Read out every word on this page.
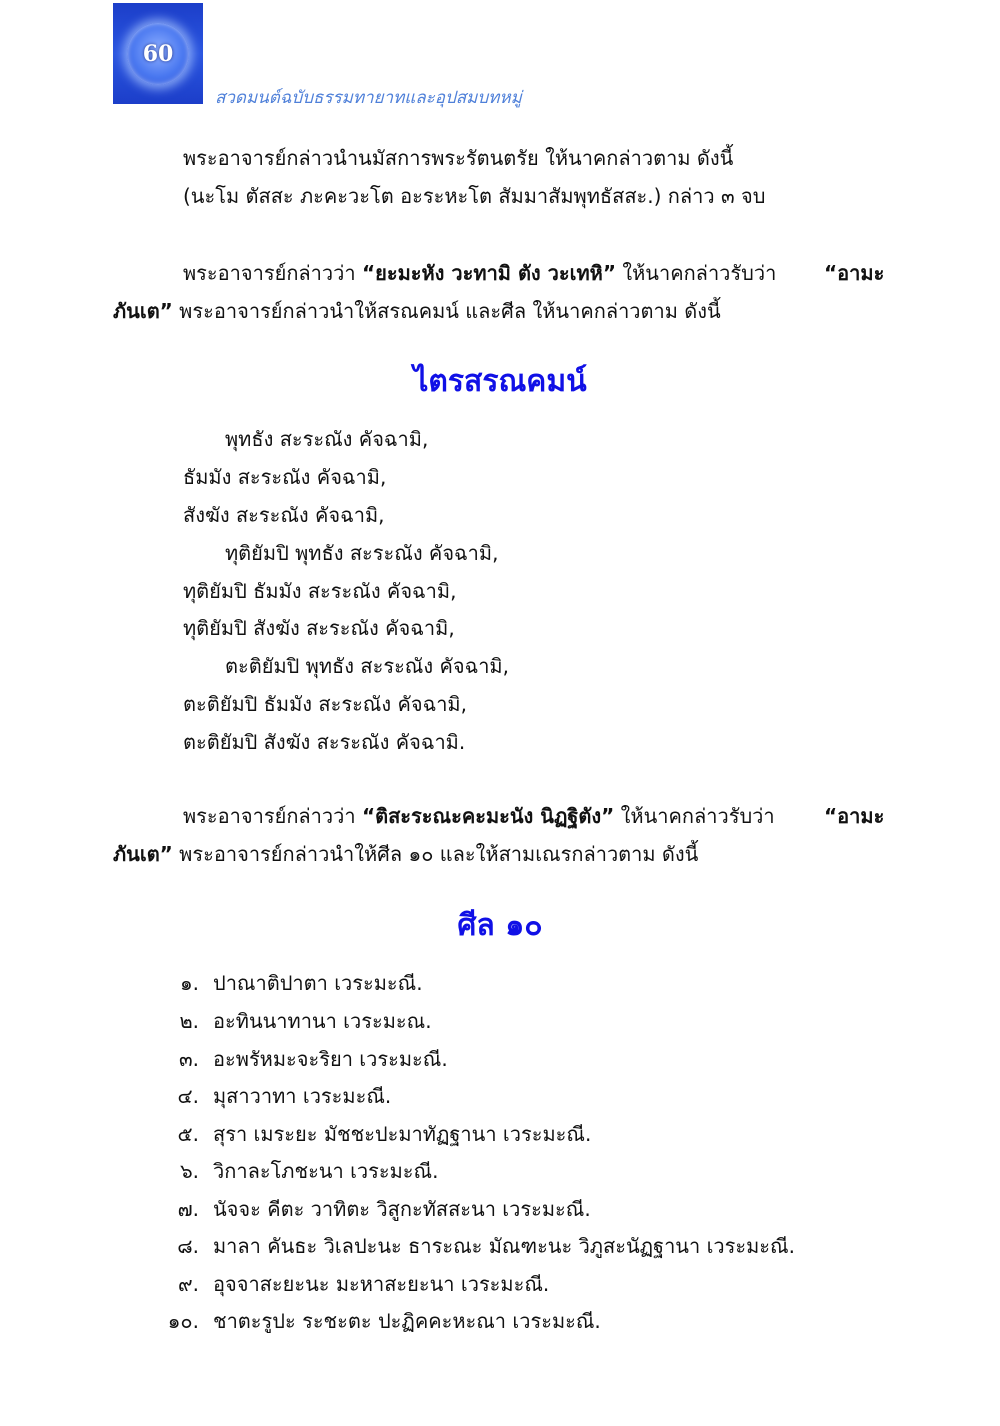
60
สวดมนต์ฉบับธรรมทายาทและอุปสมบทหมู่
พระอาจารย์กล่าวนำนมัสการพระรัตนตรัย ให้นาคกล่าวตาม ดังนี้
(นะโม ตัสสะ ภะคะวะโต อะระหะโต สัมมาสัมพุทธัสสะ.) กล่าว ๓ จบ
พระอาจารย์กล่าวว่า “ยะมะหัง วะทามิ ตัง วะเทหิ” ให้นาคกล่าวรับว่า “อามะ
ภันเต” พระอาจารย์กล่าวนำให้สรณคมน์ และศีล ให้นาคกล่าวตาม ดังนี้
ไตรสรณคมน์
พุทธัง สะระณัง คัจฉามิ,
ธัมมัง สะระณัง คัจฉามิ,
สังฆัง สะระณัง คัจฉามิ,
ทุติยัมปิ พุทธัง สะระณัง คัจฉามิ,
ทุติยัมปิ ธัมมัง สะระณัง คัจฉามิ,
ทุติยัมปิ สังฆัง สะระณัง คัจฉามิ,
ตะติยัมปิ พุทธัง สะระณัง คัจฉามิ,
ตะติยัมปิ ธัมมัง สะระณัง คัจฉามิ,
ตะติยัมปิ สังฆัง สะระณัง คัจฉามิ.
พระอาจารย์กล่าวว่า “ติสะระณะคะมะนัง นิฏฐิตัง” ให้นาคกล่าวรับว่า “อามะ
ภันเต” พระอาจารย์กล่าวนำให้ศีล ๑๐ และให้สามเณรกล่าวตาม ดังนี้
ศีล ๑๐
๑. ปาณาติปาตา เวระมะณี.
๒. อะทินนาทานา เวระมะณ.
๓. อะพรัหมะจะริยา เวระมะณี.
๔. มุสาวาทา เวระมะณี.
๕. สุรา เมระยะ มัชชะปะมาทัฏฐานา เวระมะณี.
๖. วิกาละโภชะนา เวระมะณี.
๗. นัจจะ คีตะ วาทิตะ วิสูกะทัสสะนา เวระมะณี.
๘. มาลา คันธะ วิเลปะนะ ธาระณะ มัณฑะนะ วิภูสะนัฏฐานา เวระมะณี.
๙. อุจจาสะยะนะ มะหาสะยะนา เวระมะณี.
๑๐. ชาตะรูปะ ระชะตะ ปะฏิคคะหะณา เวระมะณี.
